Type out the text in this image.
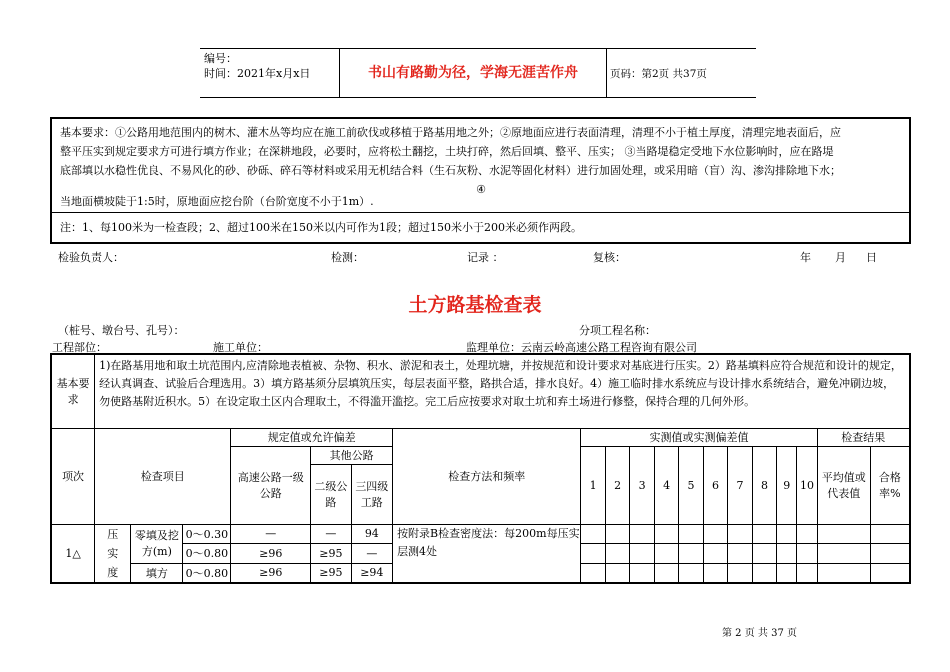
编号：
时间：2021年x月x日	书山有路勤为径，学海无涯苦作舟	页码：第2页 共37页
基本要求：①公路用地范围内的树木、灌木丛等均应在施工前砍伐或移植于路基用地之外；②原地面应进行表面清理，清理不小于植土厚度，清理完地表面后，应
整平压实到规定要求方可进行填方作业；在深耕地段，必要时，应将松土翻挖，土块打碎，然后回填、整平、压实； ③当路堤稳定受地下水位影响时，应在路堤
底部填以水稳性优良、不易风化的砂、砂砾、碎石等材料或采用无机结合料（生石灰粉、水泥等固化材料）进行加固处理，或采用暗（盲）沟、渗沟排除地下水；
④
当地面横坡陡于1:5时，原地面应挖台阶（台阶宽度不小于1m）.
注：1、每100米为一检查段；2、超过100米在150米以内可作为1段；超过150米小于200米必须作两段。
检验负责人：	检测：	记录 ：	复核：	年 月 日
土方路基检查表
（桩号、墩台号、孔号）：	分项工程名称：
工程部位：	施工单位：	监理单位：云南云岭高速公路工程咨询有限公司
基本要求	1)在路基用地和取土坑范围内,应清除地表植被、杂物、积水、淤泥和表土，处理坑塘，并按规范和设计要求对基底进行压实。2）路基填料应符合规范和设计的规定，经认真调查、试验后合理选用。3）填方路基须分层填筑压实，每层表面平整，路拱合适，排水良好。4）施工临时排水系统应与设计排水系统结合，避免冲刷边坡，勿使路基附近积水。5）在设定取土区内合理取土，不得滥开滥挖。完工后应按要求对取土坑和弃土场进行修整，保持合理的几何外形。																		
项次	检查项目			规定值或允许偏差			检查方法和频率	实测值或实测偏差值										检查结果	
				高速公路一级公路	其他公路			1	2	3	4	5	6	7	8	9	10	平均值或代表值	合格率%
					二级公路	三四级工路													
1△	压实度	零填及挖方(m)	0～0.30	—	—	94	按附录B检查密度法：每200m每压实层测4处												
			0～0.80	≥96	≥95	—													
		填方	0～0.80	≥96	≥95	≥94													
第 2 页 共 37 页
